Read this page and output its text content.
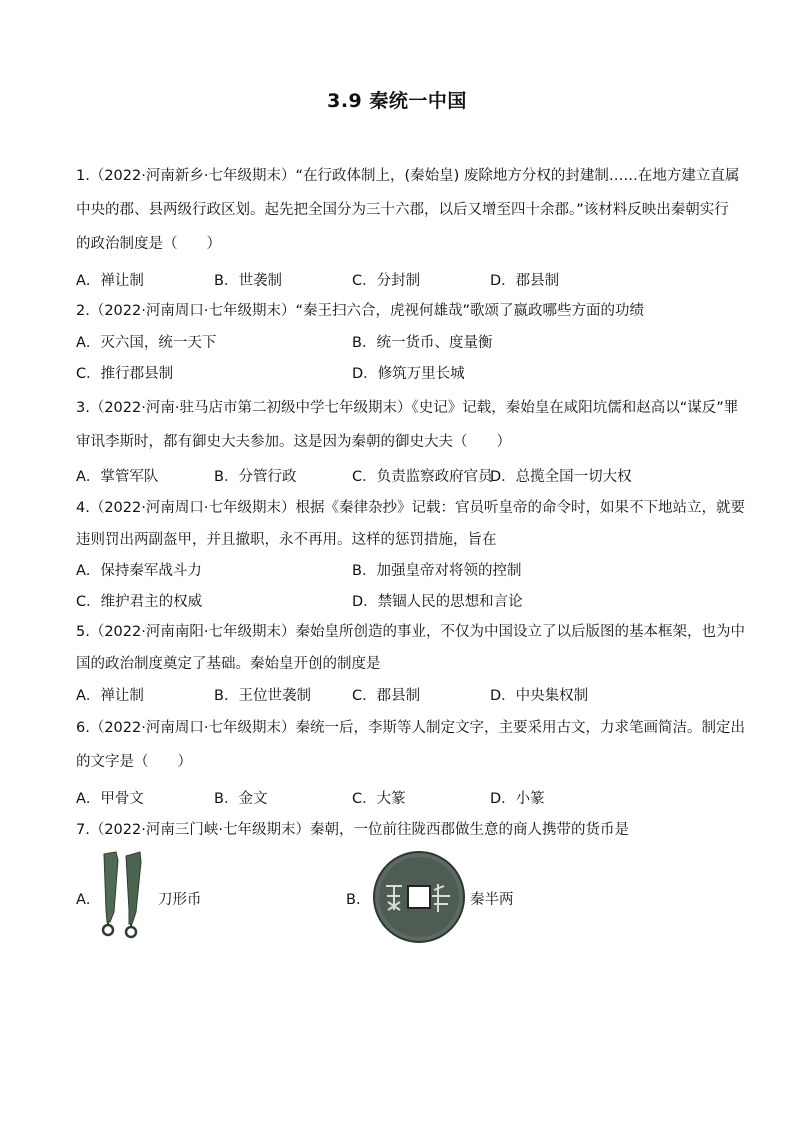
3.9 秦统一中国
1.（2022·河南新乡·七年级期末）“在行政体制上，(秦始皇) 废除地方分权的封建制……在地方建立直属
中央的郡、县两级行政区划。起先把全国分为三十六郡，以后又增至四十余郡。”该材料反映出秦朝实行
的政治制度是（　　）
A．禅让制	B．世袭制	C．分封制	D．郡县制
2.（2022·河南周口·七年级期末）“秦王扫六合，虎视何雄哉”歌颂了嬴政哪些方面的功绩
A．灭六国，统一天下	B．统一货币、度量衡
C．推行郡县制	D．修筑万里长城
3.（2022·河南·驻马店市第二初级中学七年级期末）《史记》记载，秦始皇在咸阳坑儒和赵高以“谋反”罪
审讯李斯时，都有御史大夫参加。这是因为秦朝的御史大夫（　　）
A．掌管军队	B．分管行政	C．负责监察政府官员
D．总揽全国一切大权
4.（2022·河南周口·七年级期末）根据《秦律杂抄》记载：官员听皇帝的命令时，如果不下地站立，就要
违则罚出两副盔甲，并且撤职，永不再用。这样的惩罚措施，旨在
A．保持秦军战斗力	B．加强皇帝对将领的控制
C．维护君主的权威	D．禁锢人民的思想和言论
5.（2022·河南南阳·七年级期末）秦始皇所创造的事业，不仅为中国设立了以后版图的基本框架，也为中
国的政治制度奠定了基础。秦始皇开创的制度是
A．禅让制	B．王位世袭制	C．郡县制	D．中央集权制
6.（2022·河南周口·七年级期末）秦统一后，李斯等人制定文字，主要采用古文，力求笔画简洁。制定出
的文字是（　　）
A．甲骨文	B．金文	C．大篆	D．小篆
7.（2022·河南三门峡·七年级期末）秦朝，一位前往陇西郡做生意的商人携带的货币是
A．	刀形币	B．	秦半两
